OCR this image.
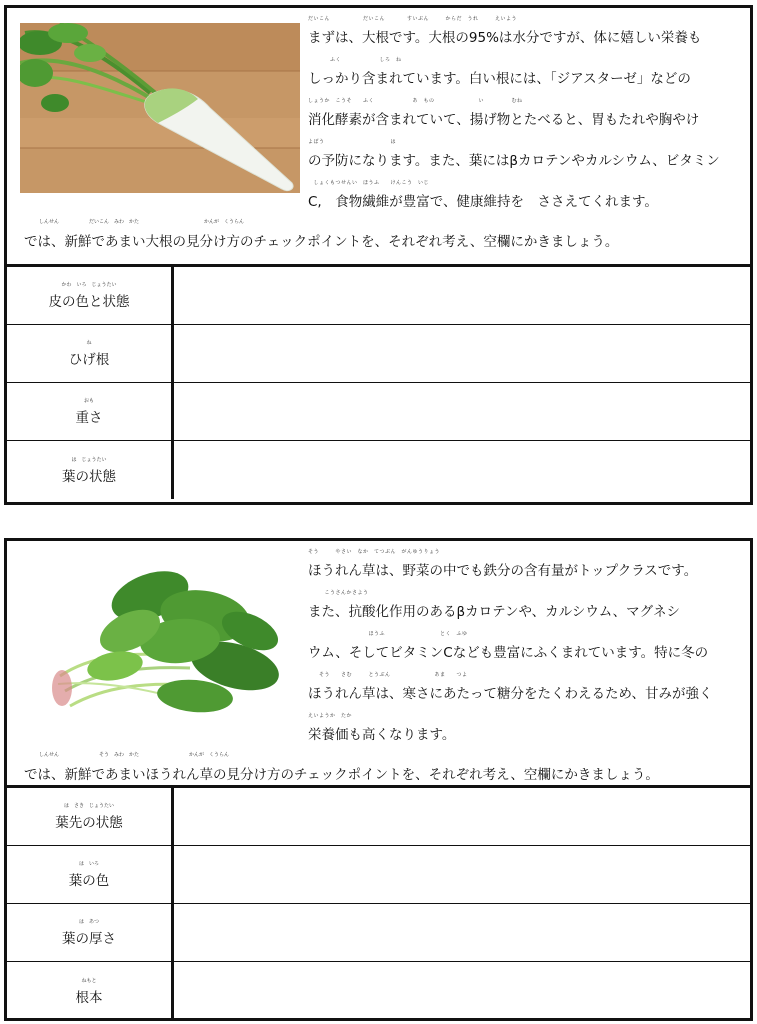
だいこん　　　　　　だいこん　　　　すいぶん　　　からだ　うれ　　　えいよう
まずは、大根です。大根の95%は水分ですが、体に嬉しい栄養も
　　　　ふく　　　　　　　しろ　ね
しっかり含まれています。白い根には、「ジアスターゼ」などの
しょうか　こうそ　　ふく　　　　　　　あ　もの　　　　　　　　い　　　　　むね
消化酵素が含まれていて、揚げ物とたべると、胃もたれや胸やけ
よぼう　　　　　　　　　　　　は
の予防になります。また、葉にはβカロテンやカルシウム、ビタミン
　しょくもつせんい　ほうふ　　けんこう　いじ
C,　食物繊維が豊富で、健康維持を　ささえてくれます。
　　　しんせん　　　　　　だいこん　みわ　かた　　　　　　　　　　　　　かんが　くうらん
では、新鮮であまい大根の見分け方のチェックポイントを、それぞれ考え、空欄にかきましょう。
かわ　いろ　じょうたい
皮の色と状態
ね
ひげ根
おも
重さ
は　じょうたい
葉の状態
そう　　　やさい　なか　てつぶん　がんゆうりょう
ほうれん草は、野菜の中でも鉄分の含有量がトップクラスです。
　　　こうさんかさよう
また、抗酸化作用のあるβカロテンや、カルシウム、マグネシ
　　　　　　　　　　　ほうふ　　　　　　　　　　とく　ふゆ
ウム、そしてビタミンCなども豊富にふくまれています。特に冬の
　　そう　　さむ　　　とうぶん　　　　　　　　あま　　つよ
ほうれん草は、寒さにあたって糖分をたくわえるため、甘みが強く
えいようか　たか
栄養価も高くなります。
　　　しんせん　　　　　　　　そう　みわ　かた　　　　　　　　　　かんが　くうらん
では、新鮮であまいほうれん草の見分け方のチェックポイントを、それぞれ考え、空欄にかきましょう。
は　さき　じょうたい
葉先の状態
は　いろ
葉の色
は　あつ
葉の厚さ
ねもと
根本
